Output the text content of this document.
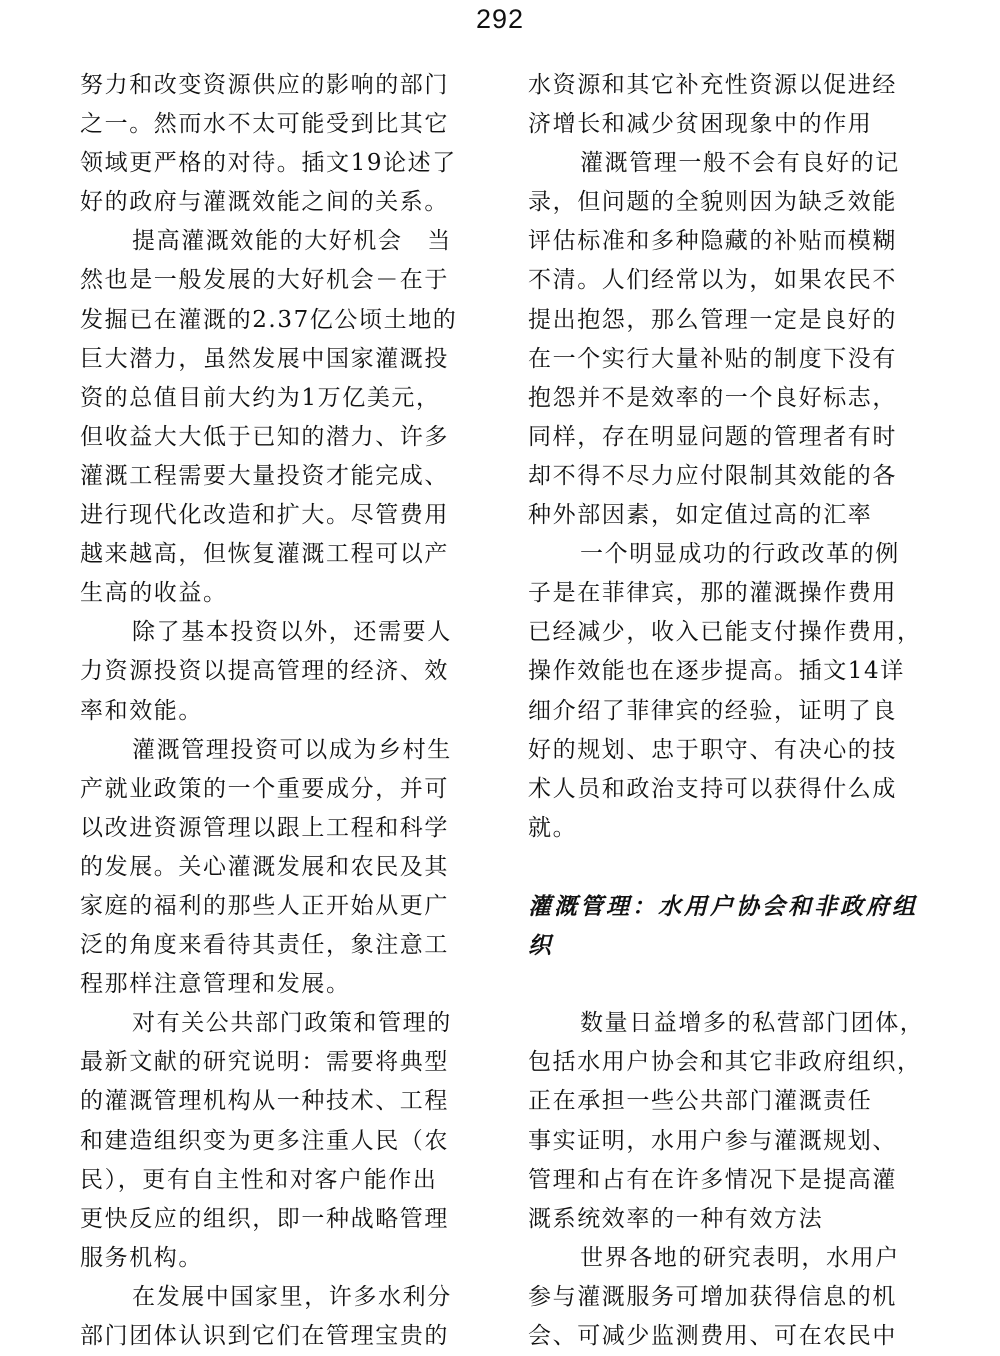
292
努力和改变资源供应的影响的部门
之一。然而水不太可能受到比其它
领域更严格的对待。插文19论述了
好的政府与灌溉效能之间的关系。
提高灌溉效能的大好机会　当
然也是一般发展的大好机会－在于
发掘已在灌溉的2.37亿公顷土地的
巨大潜力，虽然发展中国家灌溉投
资的总值目前大约为1万亿美元，
但收益大大低于已知的潜力、许多
灌溉工程需要大量投资才能完成、
进行现代化改造和扩大。尽管费用
越来越高，但恢复灌溉工程可以产
生高的收益。
除了基本投资以外，还需要人
力资源投资以提高管理的经济、效
率和效能。
灌溉管理投资可以成为乡村生
产就业政策的一个重要成分，并可
以改进资源管理以跟上工程和科学
的发展。关心灌溉发展和农民及其
家庭的福利的那些人正开始从更广
泛的角度来看待其责任，象注意工
程那样注意管理和发展。
对有关公共部门政策和管理的
最新文献的研究说明：需要将典型
的灌溉管理机构从一种技术、工程
和建造组织变为更多注重人民（农
民），更有自主性和对客户能作出
更快反应的组织，即一种战略管理
服务机构。
在发展中国家里，许多水利分
部门团体认识到它们在管理宝贵的
水资源和其它补充性资源以促进经
济增长和减少贫困现象中的作用
灌溉管理一般不会有良好的记
录，但问题的全貌则因为缺乏效能
评估标准和多种隐藏的补贴而模糊
不清。人们经常以为，如果农民不
提出抱怨，那么管理一定是良好的
在一个实行大量补贴的制度下没有
抱怨并不是效率的一个良好标志，
同样，存在明显问题的管理者有时
却不得不尽力应付限制其效能的各
种外部因素，如定值过高的汇率
一个明显成功的行政改革的例
子是在菲律宾，那的灌溉操作费用
已经减少，收入已能支付操作费用，
操作效能也在逐步提高。插文14详
细介绍了菲律宾的经验，证明了良
好的规划、忠于职守、有决心的技
术人员和政治支持可以获得什么成
就。
灌溉管理：水用户协会和非政府组
织
数量日益增多的私营部门团体，
包括水用户协会和其它非政府组织，
正在承担一些公共部门灌溉责任
事实证明，水用户参与灌溉规划、
管理和占有在许多情况下是提高灌
溉系统效率的一种有效方法
世界各地的研究表明，水用户
参与灌溉服务可增加获得信息的机
会、可减少监测费用、可在农民中
